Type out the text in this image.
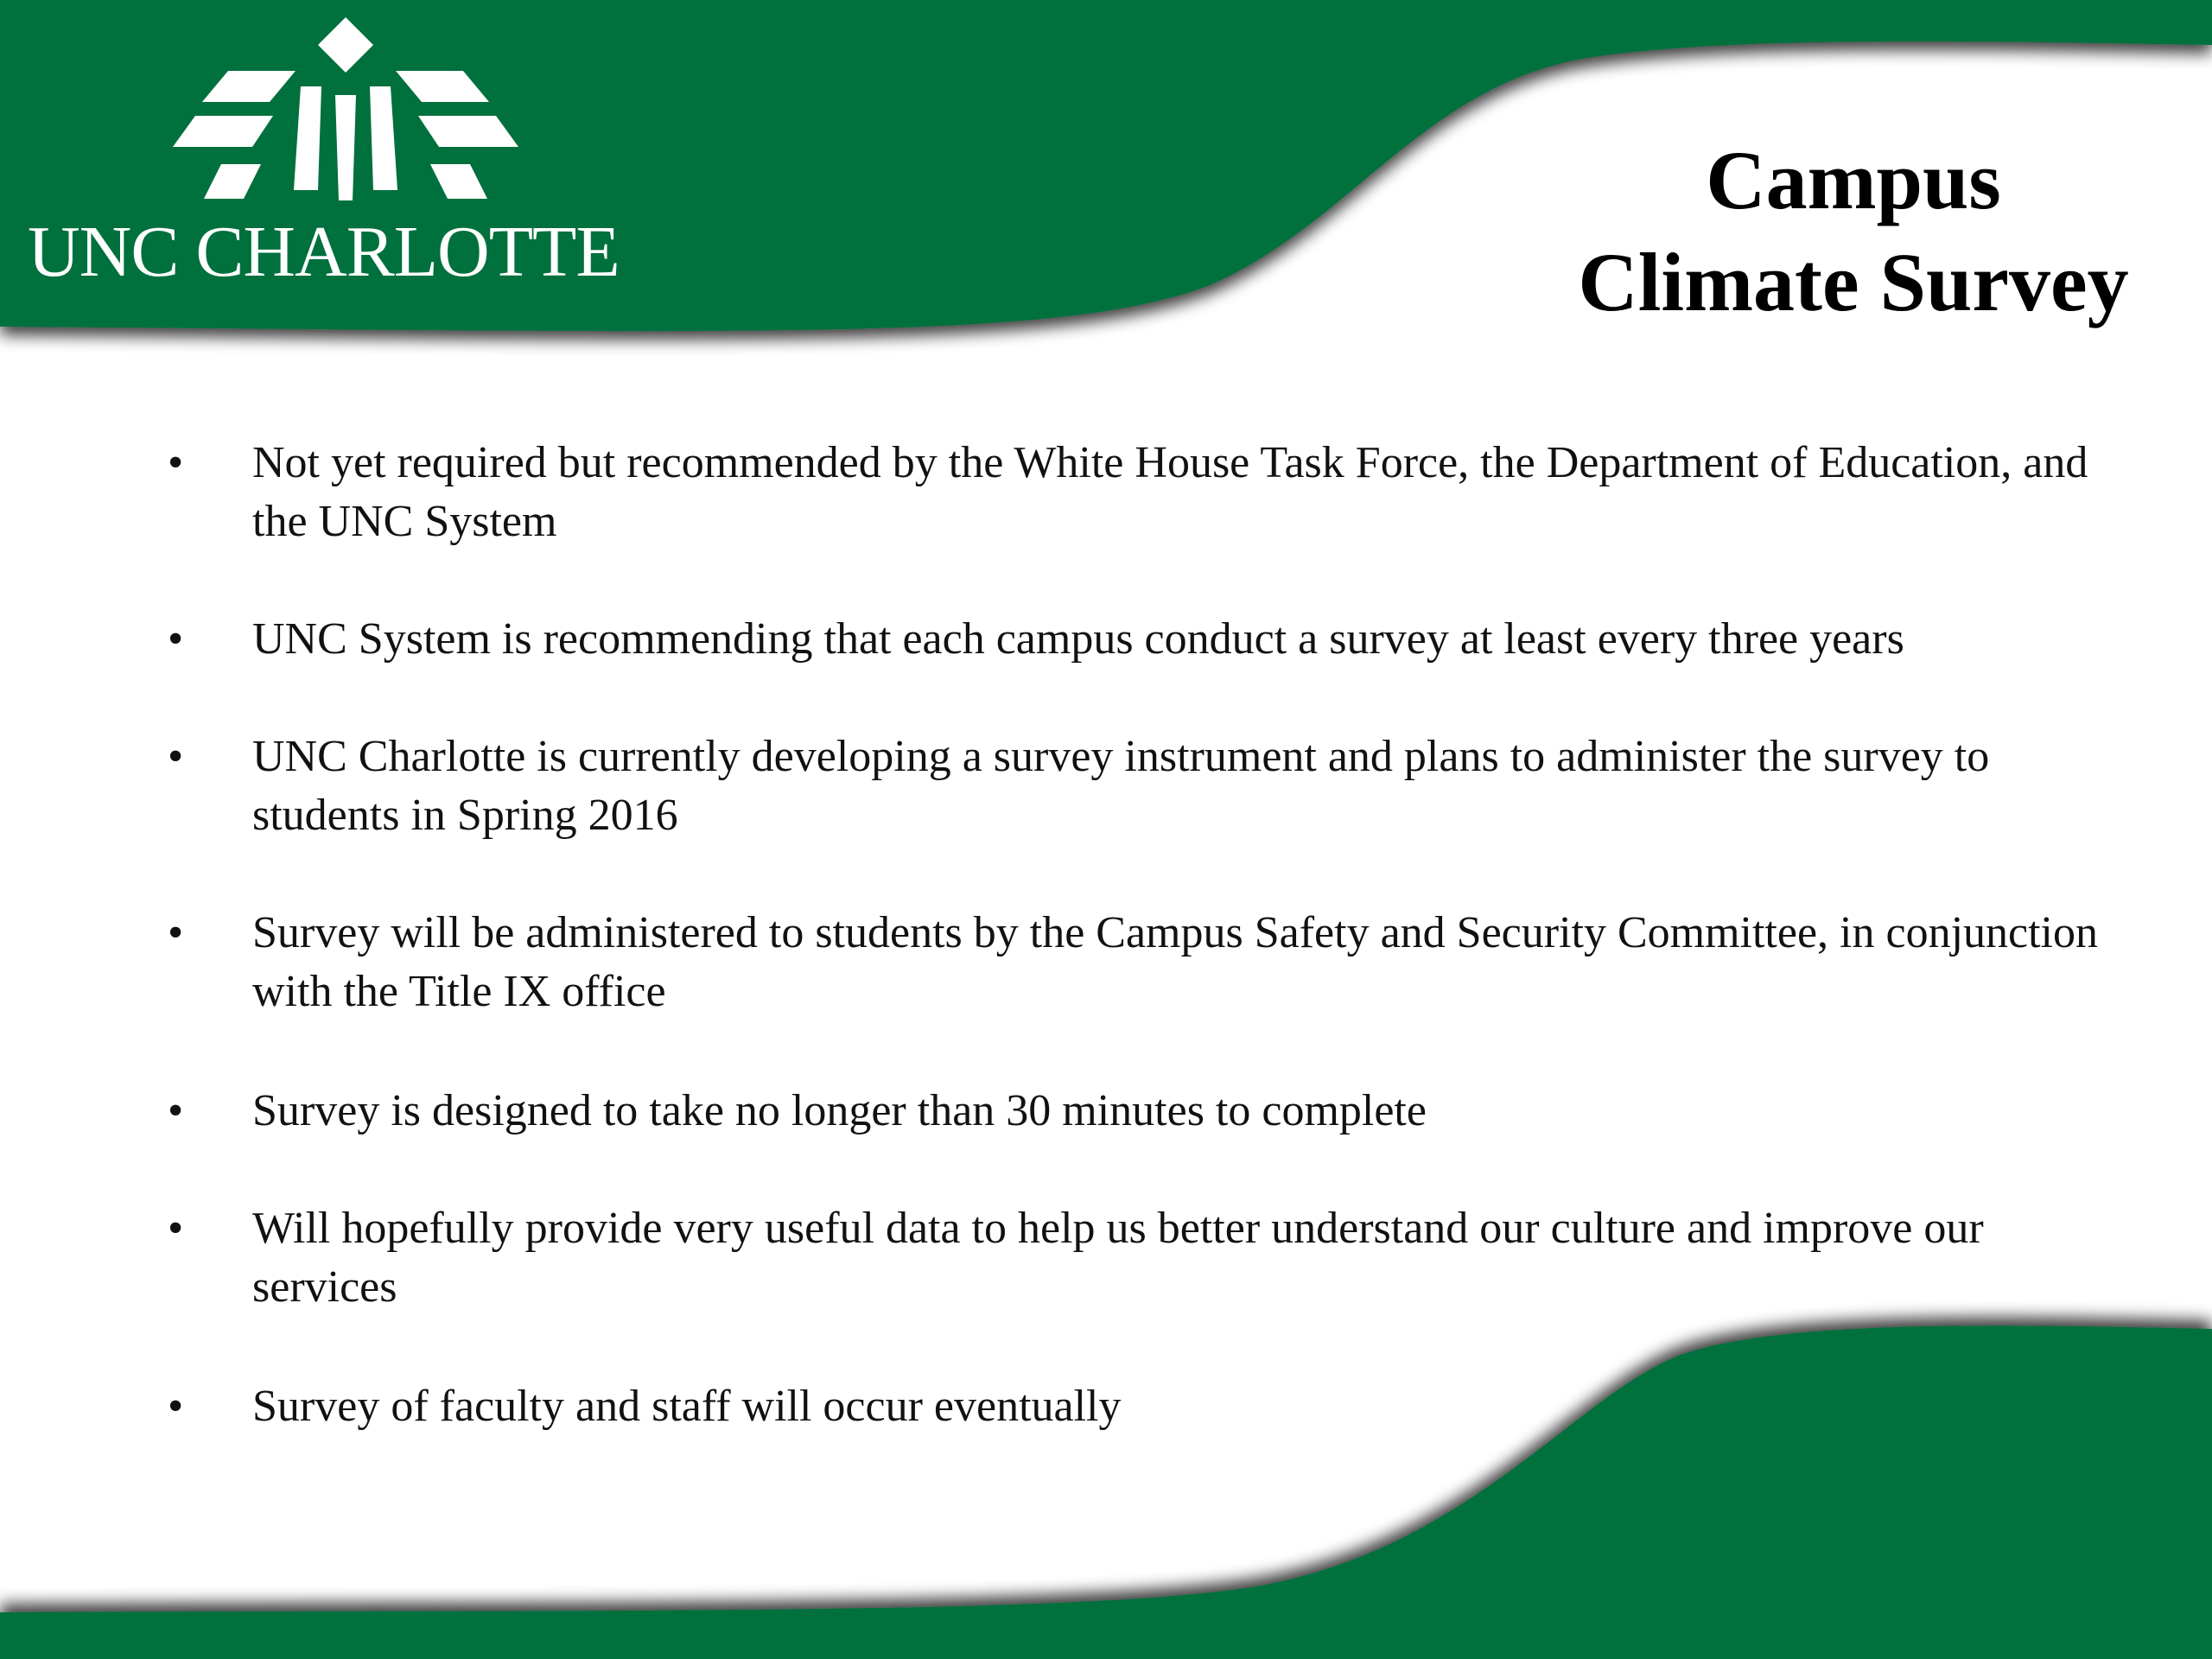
UNC CHARLOTTE
Campus
Climate Survey
• Not yet required but recommended by the White House Task Force, the Department of Education, and the UNC System
• UNC System is recommending that each campus conduct a survey at least every three years
• UNC Charlotte is currently developing a survey instrument and plans to administer the survey to students in Spring 2016
• Survey will be administered to students by the Campus Safety and Security Committee, in conjunction with the Title IX office
• Survey is designed to take no longer than 30 minutes to complete
• Will hopefully provide very useful data to help us better understand our culture and improve our services
• Survey of faculty and staff will occur eventually
